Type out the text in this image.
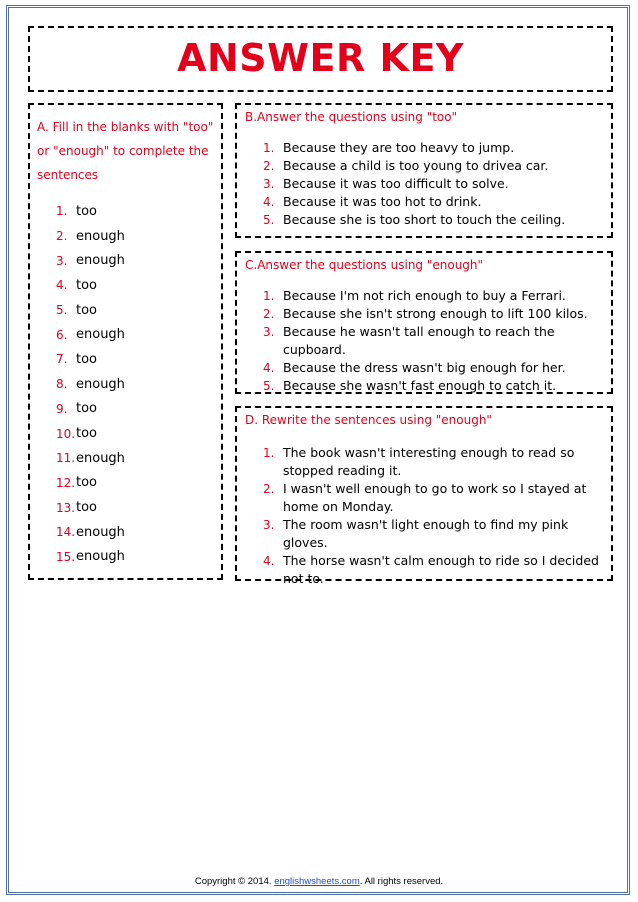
ANSWER KEY
A. Fill in the blanks with "too" or "enough" to complete the sentences
1. too
2. enough
3. enough
4. too
5. too
6. enough
7. too
8. enough
9. too
10. too
11. enough
12. too
13. too
14. enough
15. enough
B.Answer the questions using "too"
1. Because they are too heavy to jump.
2. Because a child is too young to drivea car.
3. Because it was too difficult to solve.
4. Because it was too hot to drink.
5. Because she is too short to touch the ceiling.
C.Answer the questions using "enough"
1. Because I'm not rich enough to buy a Ferrari.
2. Because she isn't strong enough to lift 100 kilos.
3. Because he wasn't tall enough to reach the cupboard.
4. Because the dress wasn't big enough for her.
5. Because she wasn't fast enough to catch it.
D. Rewrite the sentences using "enough"
1. The book wasn't interesting enough to read so stopped reading it.
2. I wasn't well enough to go to work so I stayed at home on Monday.
3. The room wasn't light enough to find my pink gloves.
4. The horse wasn't calm enough to ride so I decided not to.
Copyright © 2014. englishwsheets.com. All rights reserved.
